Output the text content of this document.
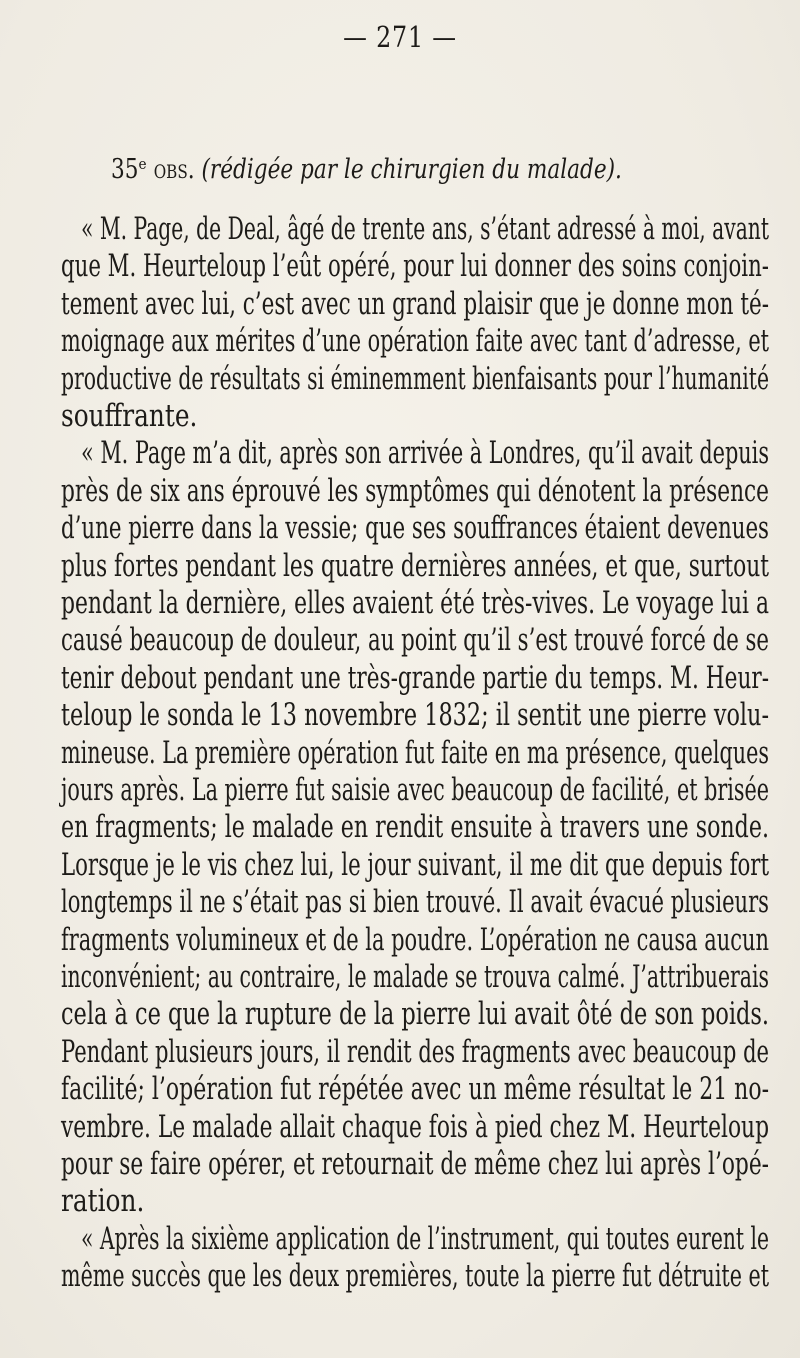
— 271 —
35ᵉ obs. (rédigée par le chirurgien du malade).
« M. Page, de Deal, âgé de trente ans, s’étant adressé à moi, avant
que M. Heurteloup l’eût opéré, pour lui donner des soins conjoin-
tement avec lui, c’est avec un grand plaisir que je donne mon té-
moignage aux mérites d’une opération faite avec tant d’adresse, et
productive de résultats si éminemment bienfaisants pour l’humanité
souffrante.
« M. Page m’a dit, après son arrivée à Londres, qu’il avait depuis
près de six ans éprouvé les symptômes qui dénotent la présence
d’une pierre dans la vessie; que ses souffrances étaient devenues
plus fortes pendant les quatre dernières années, et que, surtout
pendant la dernière, elles avaient été très-vives. Le voyage lui a
causé beaucoup de douleur, au point qu’il s’est trouvé forcé de se
tenir debout pendant une très-grande partie du temps. M. Heur-
teloup le sonda le 13 novembre 1832; il sentit une pierre volu-
mineuse. La première opération fut faite en ma présence, quelques
jours après. La pierre fut saisie avec beaucoup de facilité, et brisée
en fragments; le malade en rendit ensuite à travers une sonde.
Lorsque je le vis chez lui, le jour suivant, il me dit que depuis fort
longtemps il ne s’était pas si bien trouvé. Il avait évacué plusieurs
fragments volumineux et de la poudre. L’opération ne causa aucun
inconvénient; au contraire, le malade se trouva calmé. J’attribuerais
cela à ce que la rupture de la pierre lui avait ôté de son poids.
Pendant plusieurs jours, il rendit des fragments avec beaucoup de
facilité; l’opération fut répétée avec un même résultat le 21 no-
vembre. Le malade allait chaque fois à pied chez M. Heurteloup
pour se faire opérer, et retournait de même chez lui après l’opé-
ration.
« Après la sixième application de l’instrument, qui toutes eurent le
même succès que les deux premières, toute la pierre fut détruite et
